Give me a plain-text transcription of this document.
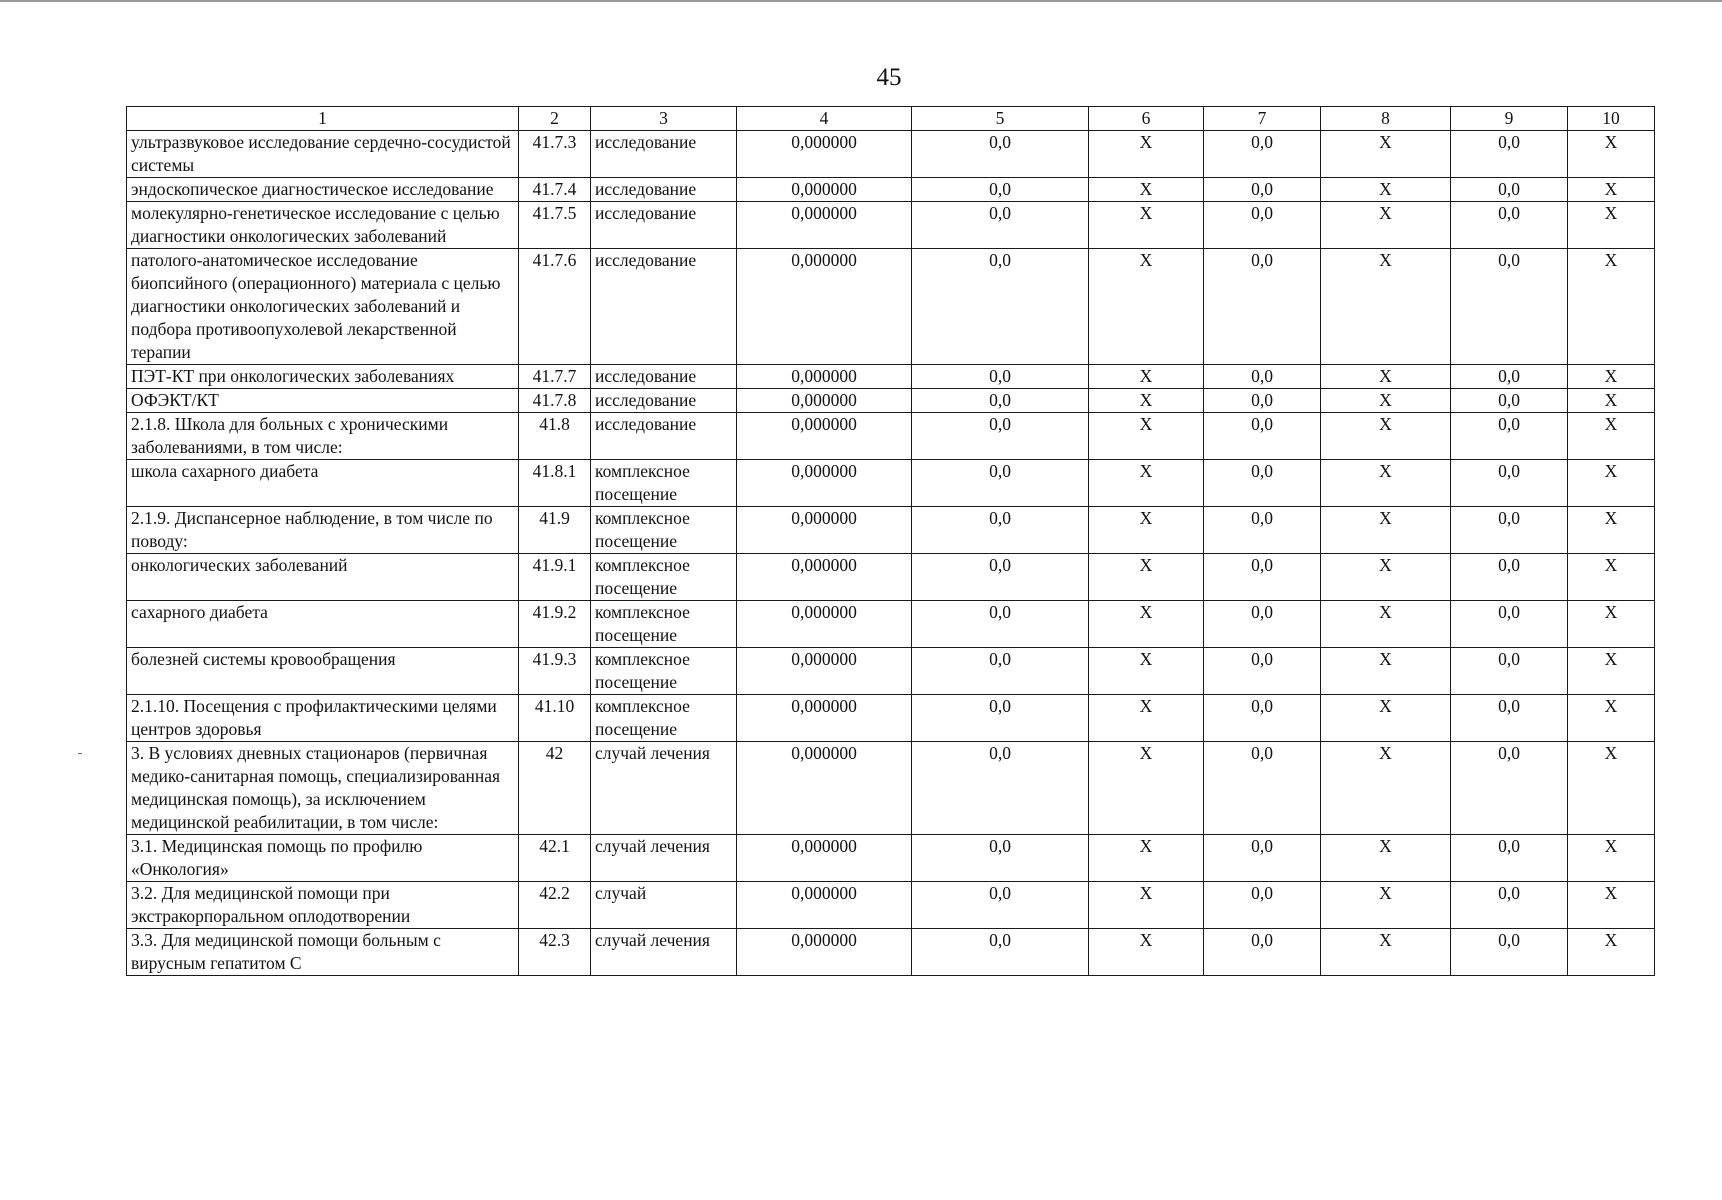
45
1	2	3	4	5	6	7	8	9	10
ультразвуковое исследование сердечно-сосудистой системы	41.7.3	исследование	0,000000	0,0	X	0,0	X	0,0	X
эндоскопическое диагностическое исследование	41.7.4	исследование	0,000000	0,0	X	0,0	X	0,0	X
молекулярно-генетическое исследование с целью диагностики онкологических заболеваний	41.7.5	исследование	0,000000	0,0	X	0,0	X	0,0	X
патолого-анатомическое исследование биопсийного (операционного) материала с целью диагностики онкологических заболеваний и подбора противоопухолевой лекарственной терапии	41.7.6	исследование	0,000000	0,0	X	0,0	X	0,0	X
ПЭТ-КТ при онкологических заболеваниях	41.7.7	исследование	0,000000	0,0	X	0,0	X	0,0	X
ОФЭКТ/КТ	41.7.8	исследование	0,000000	0,0	X	0,0	X	0,0	X
2.1.8. Школа для больных с хроническими заболеваниями, в том числе:	41.8	исследование	0,000000	0,0	X	0,0	X	0,0	X
школа сахарного диабета	41.8.1	комплексное посещение	0,000000	0,0	X	0,0	X	0,0	X
2.1.9. Диспансерное наблюдение, в том числе по поводу:	41.9	комплексное посещение	0,000000	0,0	X	0,0	X	0,0	X
онкологических заболеваний	41.9.1	комплексное посещение	0,000000	0,0	X	0,0	X	0,0	X
сахарного диабета	41.9.2	комплексное посещение	0,000000	0,0	X	0,0	X	0,0	X
болезней системы кровообращения	41.9.3	комплексное посещение	0,000000	0,0	X	0,0	X	0,0	X
2.1.10. Посещения с профилактическими целями центров здоровья	41.10	комплексное посещение	0,000000	0,0	X	0,0	X	0,0	X
3. В условиях дневных стационаров (первичная медико-санитарная помощь, специализированная медицинская помощь), за исключением медицинской реабилитации, в том числе:	42	случай лечения	0,000000	0,0	X	0,0	X	0,0	X
3.1. Медицинская помощь по профилю «Онкология»	42.1	случай лечения	0,000000	0,0	X	0,0	X	0,0	X
3.2. Для медицинской помощи при экстракорпоральном оплодотворении	42.2	случай	0,000000	0,0	X	0,0	X	0,0	X
3.3. Для медицинской помощи больным с вирусным гепатитом С	42.3	случай лечения	0,000000	0,0	X	0,0	X	0,0	X
